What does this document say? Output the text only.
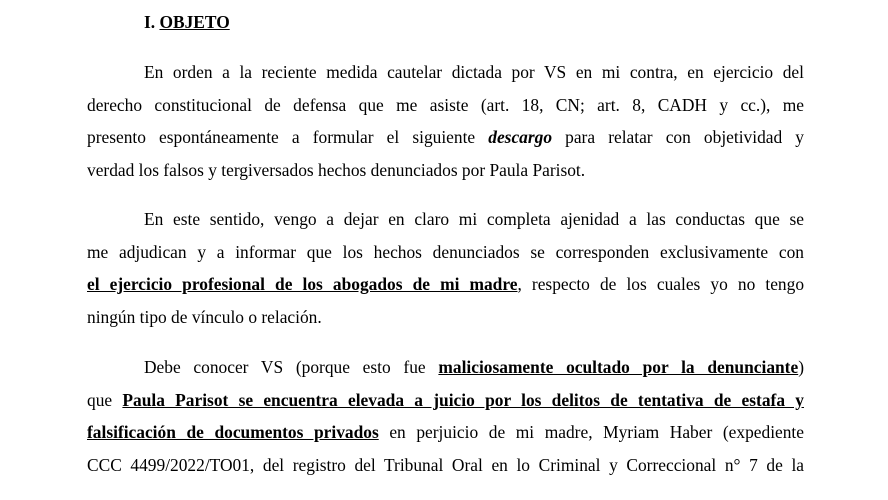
I. OBJETO
En orden a la reciente medida cautelar dictada por VS en mi contra, en ejercicio del
derecho constitucional de defensa que me asiste (art. 18, CN; art. 8, CADH y cc.), me
presento espontáneamente a formular el siguiente descargo para relatar con objetividad y
verdad los falsos y tergiversados hechos denunciados por Paula Parisot.
En este sentido, vengo a dejar en claro mi completa ajenidad a las conductas que se
me adjudican y a informar que los hechos denunciados se corresponden exclusivamente con
el ejercicio profesional de los abogados de mi madre, respecto de los cuales yo no tengo
ningún tipo de vínculo o relación.
Debe conocer VS (porque esto fue maliciosamente ocultado por la denunciante)
que Paula Parisot se encuentra elevada a juicio por los delitos de tentativa de estafa y
falsificación de documentos privados en perjuicio de mi madre, Myriam Haber (expediente
CCC 4499/2022/TO01, del registro del Tribunal Oral en lo Criminal y Correccional n° 7 de la
